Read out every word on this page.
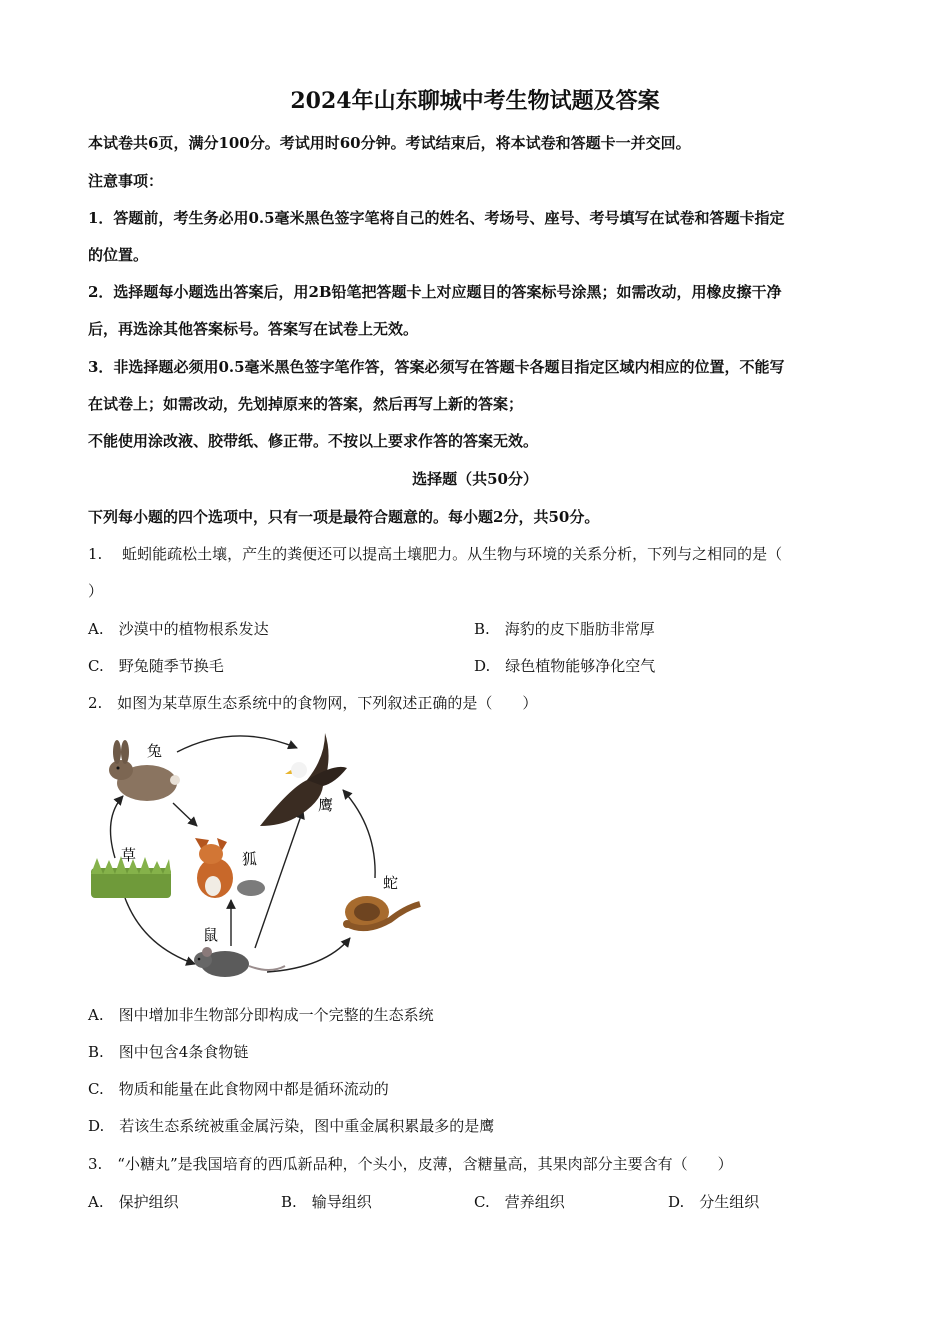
2024年山东聊城中考生物试题及答案
本试卷共6页，满分100分。考试用时60分钟。考试结束后，将本试卷和答题卡一并交回。
注意事项：
1．答题前，考生务必用0.5毫米黑色签字笔将自己的姓名、考场号、座号、考号填写在试卷和答题卡指定
的位置。
2．选择题每小题选出答案后，用2B铅笔把答题卡上对应题目的答案标号涂黑；如需改动，用橡皮擦干净
后，再选涂其他答案标号。答案写在试卷上无效。
3．非选择题必须用0.5毫米黑色签字笔作答，答案必须写在答题卡各题目指定区域内相应的位置，不能写
在试卷上；如需改动，先划掉原来的答案，然后再写上新的答案；
不能使用涂改液、胶带纸、修正带。不按以上要求作答的答案无效。
选择题（共50分）
下列每小题的四个选项中，只有一项是最符合题意的。每小题2分，共50分。
1.　 蚯蚓能疏松土壤，产生的粪便还可以提高土壤肥力。从生物与环境的关系分析，下列与之相同的是（
）
A.　沙漠中的植物根系发达	B.　海豹的皮下脂肪非常厚
C.　野兔随季节换毛	D.　绿色植物能够净化空气
2.　如图为某草原生态系统中的食物网，下列叙述正确的是（　　）
兔
鹰
草	狐
蛇
鼠
A.　图中增加非生物部分即构成一个完整的生态系统
B.　图中包含4条食物链
C.　物质和能量在此食物网中都是循环流动的
D.　若该生态系统被重金属污染，图中重金属积累最多的是鹰
3.　“小糖丸”是我国培育的西瓜新品种，个头小，皮薄，含糖量高，其果肉部分主要含有（　　）
A.　保护组织	B.　输导组织	C.　营养组织	D.　分生组织
